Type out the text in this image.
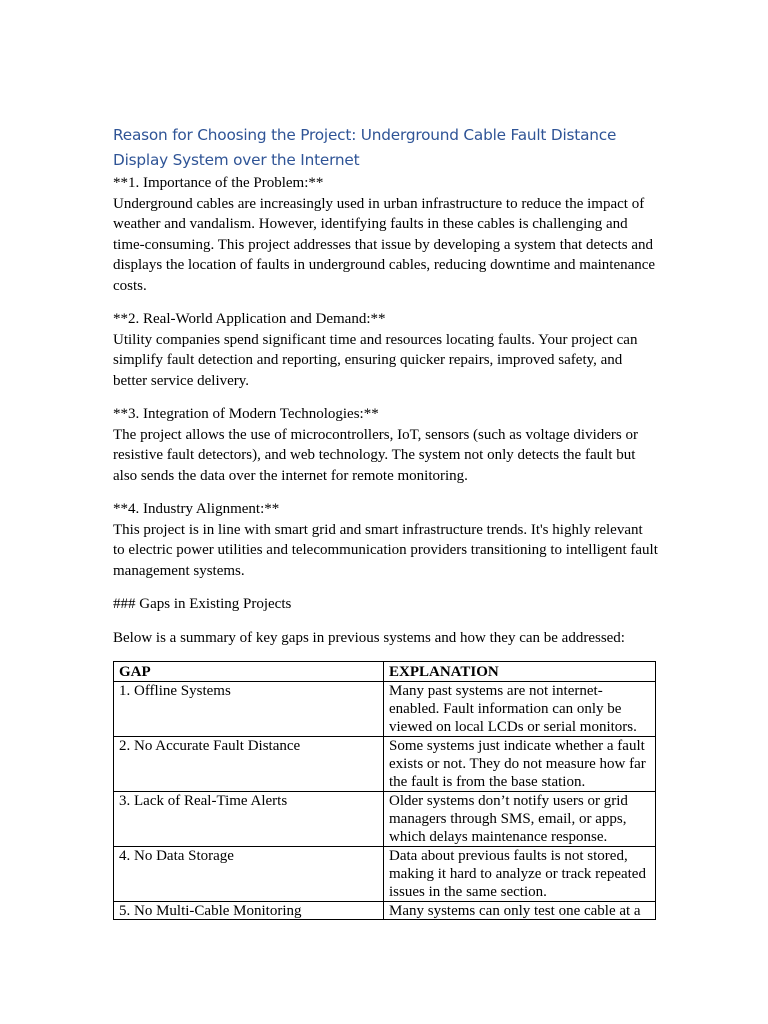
Reason for Choosing the Project: Underground Cable Fault Distance Display System over the Internet

**1. Importance of the Problem:**

Underground cables are increasingly used in urban infrastructure to reduce the impact of weather and vandalism. However, identifying faults in these cables is challenging and time-consuming. This project addresses that issue by developing a system that detects and displays the location of faults in underground cables, reducing downtime and maintenance costs.

**2. Real-World Application and Demand:**

Utility companies spend significant time and resources locating faults. Your project can simplify fault detection and reporting, ensuring quicker repairs, improved safety, and better service delivery.

**3. Integration of Modern Technologies:**

The project allows the use of microcontrollers, IoT, sensors (such as voltage dividers or resistive fault detectors), and web technology. The system not only detects the fault but also sends the data over the internet for remote monitoring.

**4. Industry Alignment:**

This project is in line with smart grid and smart infrastructure trends. It's highly relevant to electric power utilities and telecommunication providers transitioning to intelligent fault management systems.

### Gaps in Existing Projects

Below is a summary of key gaps in previous systems and how they can be addressed:

GAP	EXPLANATION
1. Offline Systems	Many past systems are not internet-enabled. Fault information can only be viewed on local LCDs or serial monitors.
2. No Accurate Fault Distance	Some systems just indicate whether a fault exists or not. They do not measure how far the fault is from the base station.
3. Lack of Real-Time Alerts	Older systems don’t notify users or grid managers through SMS, email, or apps, which delays maintenance response.
4. No Data Storage	Data about previous faults is not stored, making it hard to analyze or track repeated issues in the same section.

5. No Multi-Cable Monitoring	Many systems can only test one cable at a
